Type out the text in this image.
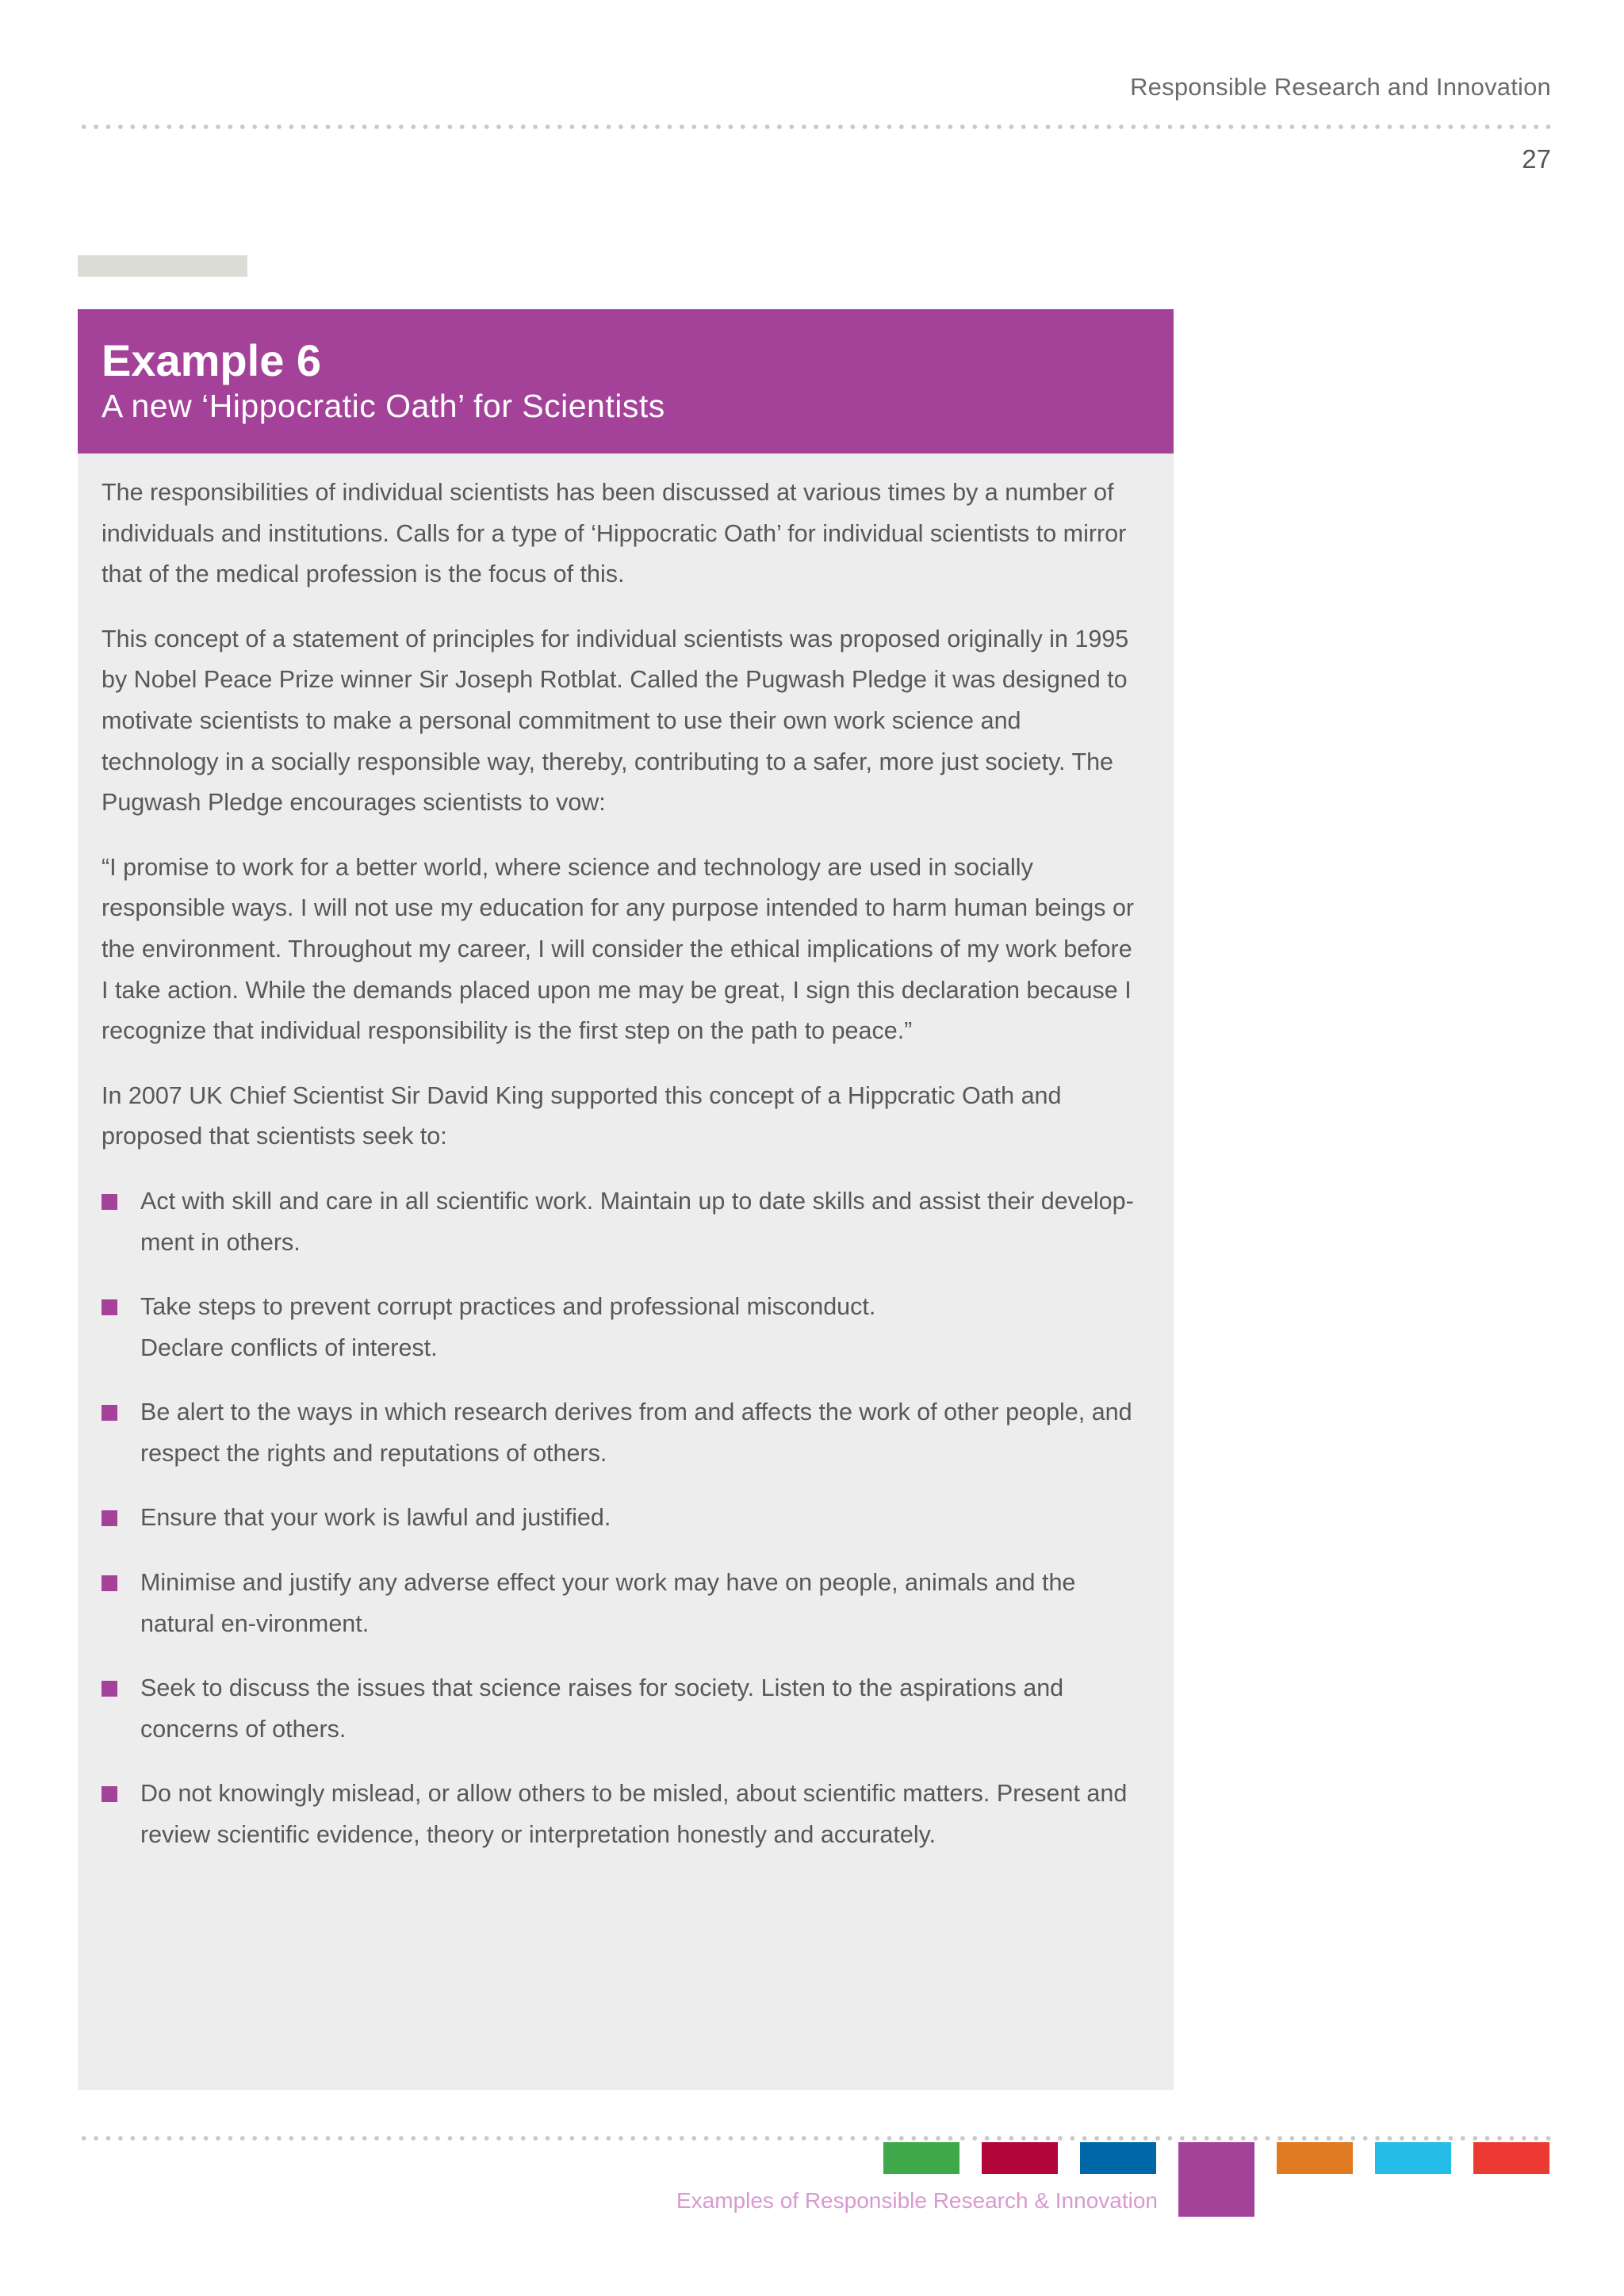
Responsible Research and Innovation
27
Example 6
A new ‘Hippocratic Oath’ for Scientists

The responsibilities of individual scientists has been discussed at various times by a number of individuals and institutions. Calls for a type of ‘Hippocratic Oath’ for individual scientists to mirror that of the medical profession is the focus of this.

This concept of a statement of principles for individual scientists was proposed originally in 1995 by Nobel Peace Prize winner Sir Joseph Rotblat. Called the Pugwash Pledge it was designed to motivate scientists to make a personal commitment to use their own work science and technology in a socially responsible way, thereby, contributing to a safer, more just society. The Pugwash Pledge encourages scientists to vow:

“I promise to work for a better world, where science and technology are used in socially responsible ways. I will not use my education for any purpose intended to harm human beings or the environment. Throughout my career, I will consider the ethical implications of my work before I take action. While the demands placed upon me may be great, I sign this declaration because I recognize that individual responsibility is the first step on the path to peace.”

In 2007 UK Chief Scientist Sir David King supported this concept of a Hippcratic Oath and proposed that scientists seek to:

Act with skill and care in all scientific work. Maintain up to date skills and assist their develop-ment in others.
Take steps to prevent corrupt practices and professional misconduct.
Declare conflicts of interest.
Be alert to the ways in which research derives from and affects the work of other people, and respect the rights and reputations of others.
Ensure that your work is lawful and justified.
Minimise and justify any adverse effect your work may have on people, animals and the natural en-vironment.
Seek to discuss the issues that science raises for society. Listen to the aspirations and concerns of others.
Do not knowingly mislead, or allow others to be misled, about scientific matters. Present and review scientific evidence, theory or interpretation honestly and accurately.
Examples of Responsible Research & Innovation
